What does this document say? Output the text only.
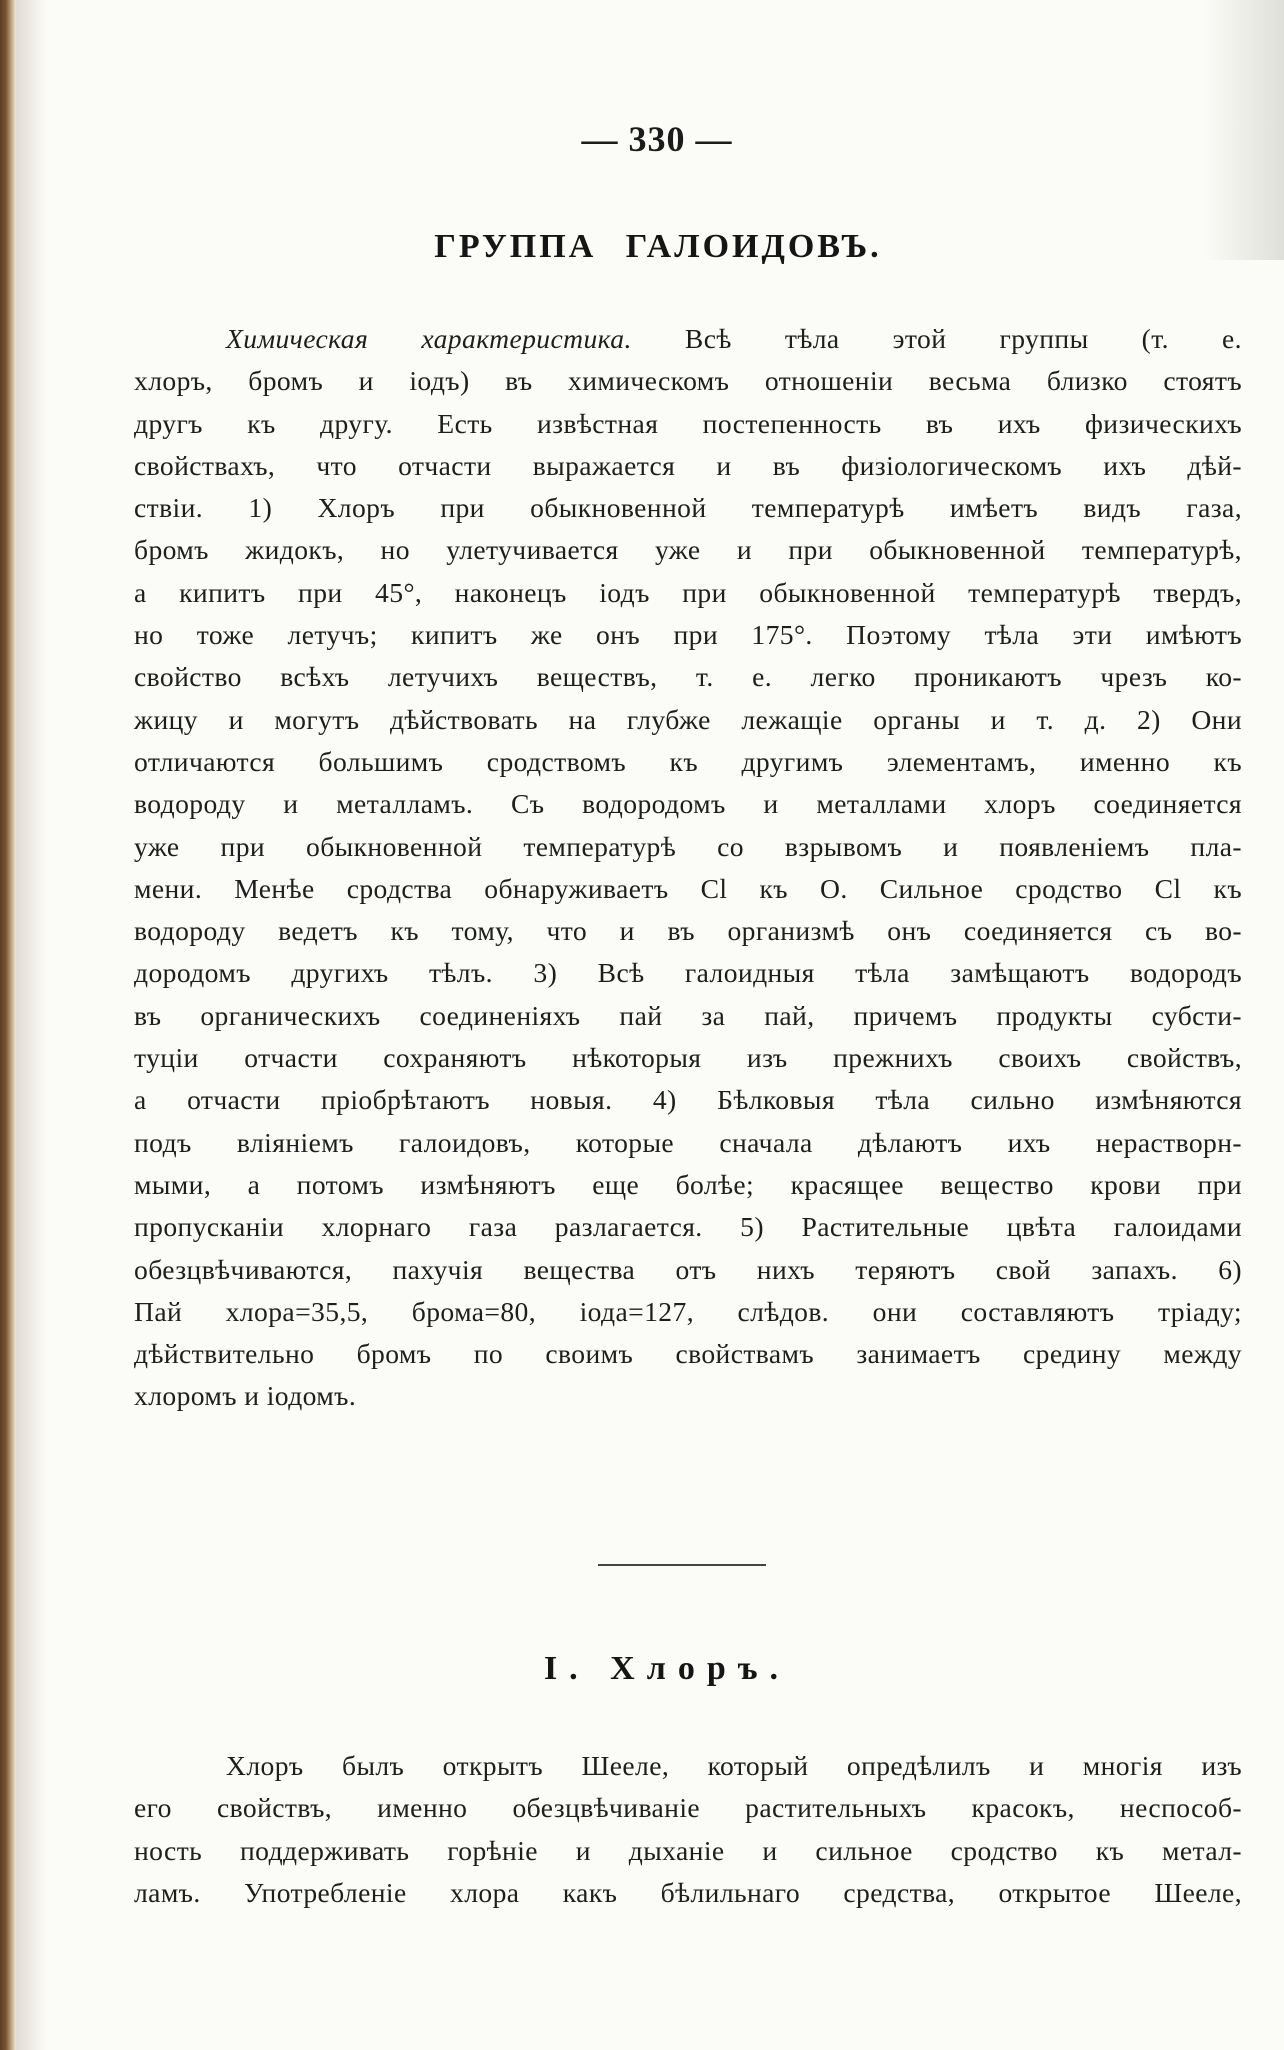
— 330 —
ГРУППА ГАЛОИДОВЪ.
Химическая характеристика. Всѣ тѣла этой группы (т. е.
хлоръ, бромъ и іодъ) въ химическомъ отношеніи весьма близко стоятъ
другъ къ другу. Есть извѣстная постепенность въ ихъ физическихъ
свойствахъ, что отчасти выражается и въ физіологическомъ ихъ дѣй-
ствіи. 1) Хлоръ при обыкновенной температурѣ имѣетъ видъ газа,
бромъ жидокъ, но улетучивается уже и при обыкновенной температурѣ,
а кипитъ при 45°, наконецъ іодъ при обыкновенной температурѣ твердъ,
но тоже летучъ; кипитъ же онъ при 175°. Поэтому тѣла эти имѣютъ
свойство всѣхъ летучихъ веществъ, т. е. легко проникаютъ чрезъ ко-
жицу и могутъ дѣйствовать на глубже лежащіе органы и т. д. 2) Они
отличаются большимъ сродствомъ къ другимъ элементамъ, именно къ
водороду и металламъ. Съ водородомъ и металлами хлоръ соединяется
уже при обыкновенной температурѣ со взрывомъ и появленіемъ пла-
мени. Менѣе сродства обнаруживаетъ Cl къ O. Сильное сродство Cl къ
водороду ведетъ къ тому, что и въ организмѣ онъ соединяется съ во-
дородомъ другихъ тѣлъ. 3) Всѣ галоидныя тѣла замѣщаютъ водородъ
въ органическихъ соединеніяхъ пай за пай, причемъ продукты субсти-
туціи отчасти сохраняютъ нѣкоторыя изъ прежнихъ своихъ свойствъ,
а отчасти пріобрѣтаютъ новыя. 4) Бѣлковыя тѣла сильно измѣняются
подъ вліяніемъ галоидовъ, которые сначала дѣлаютъ ихъ нерастворн-
мыми, а потомъ измѣняютъ еще болѣе; красящее вещество крови при
пропусканіи хлорнаго газа разлагается. 5) Растительные цвѣта галоидами
обезцвѣчиваются, пахучія вещества отъ нихъ теряютъ свой запахъ. 6)
Пай хлора=35,5, брома=80, іода=127, слѣдов. они составляютъ тріаду;
дѣйствительно бромъ по своимъ свойствамъ занимаетъ средину между
хлоромъ и іодомъ.
I. Хлоръ.
Хлоръ былъ открытъ Шееле, который опредѣлилъ и многія изъ
его свойствъ, именно обезцвѣчиваніе растительныхъ красокъ, неспособ-
ность поддерживать горѣніе и дыханіе и сильное сродство къ метал-
ламъ. Употребленіе хлора какъ бѣлильнаго средства, открытое Шееле,
